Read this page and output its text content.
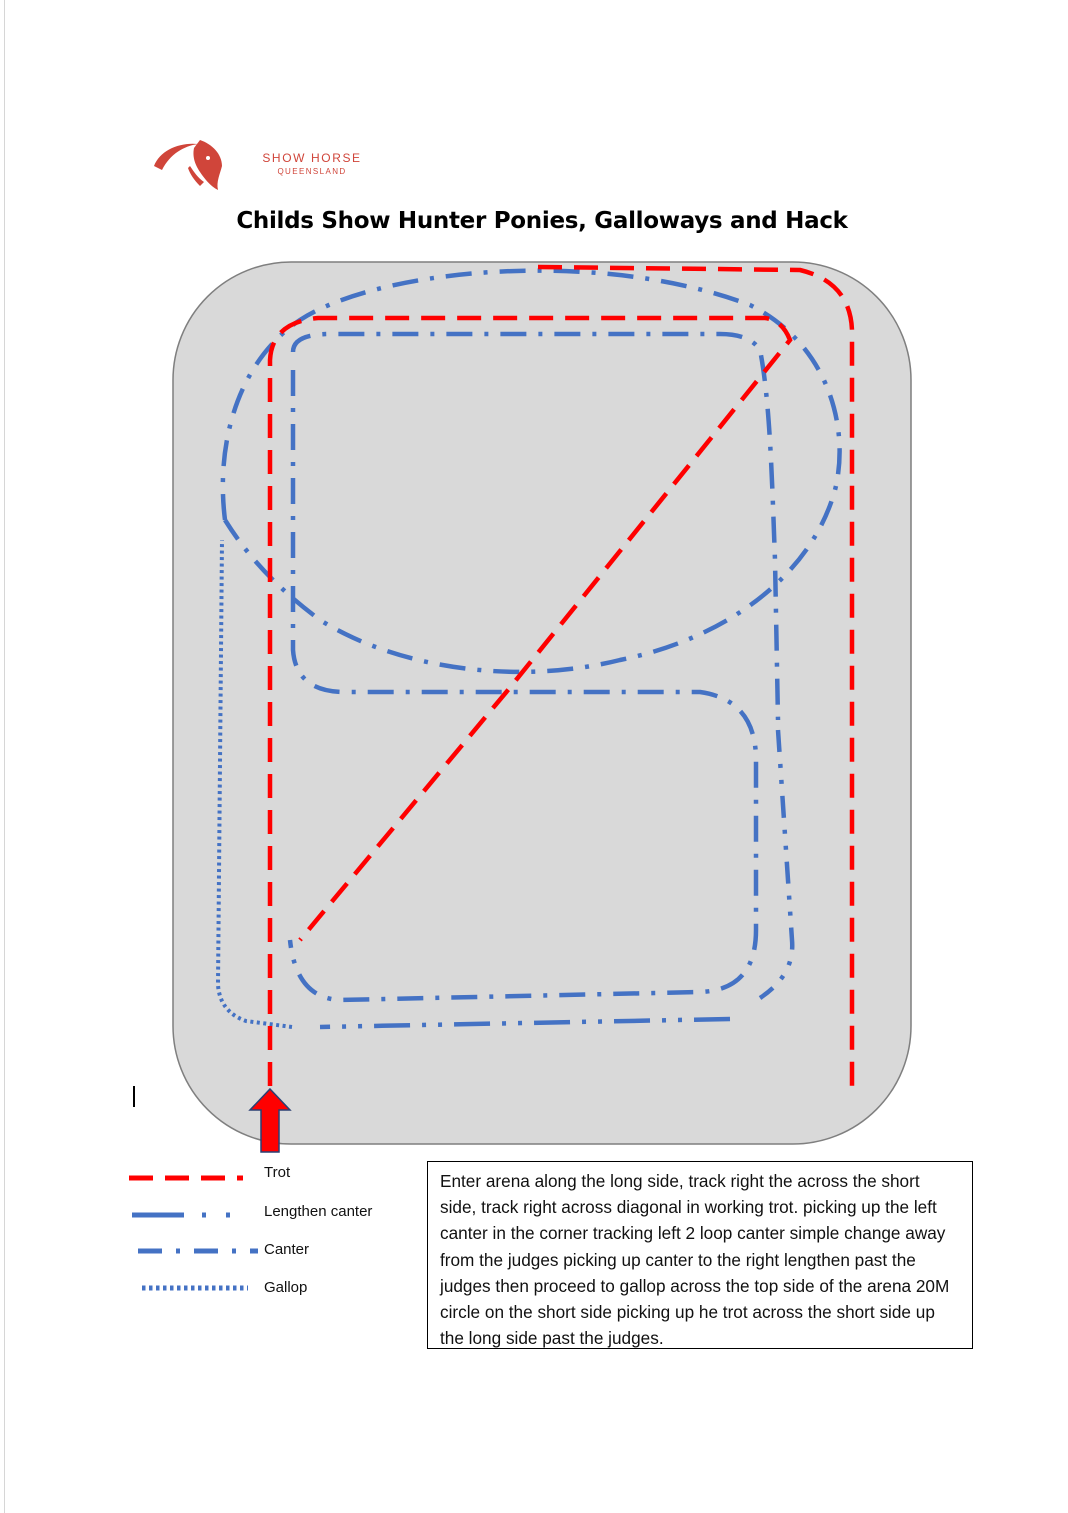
SHOW HORSE
QUEENSLAND
Childs Show Hunter Ponies, Galloways and Hack
Trot
Lengthen canter
Canter
Gallop
Enter arena along the long side, track right the across the short side, track right across diagonal in working trot. picking up the left canter in the corner tracking left 2 loop canter simple change away from the judges picking up canter to the right lengthen past the judges then proceed to gallop across the top side of the arena 20M circle on the short side picking up he trot across the short side up the long side past the judges.
